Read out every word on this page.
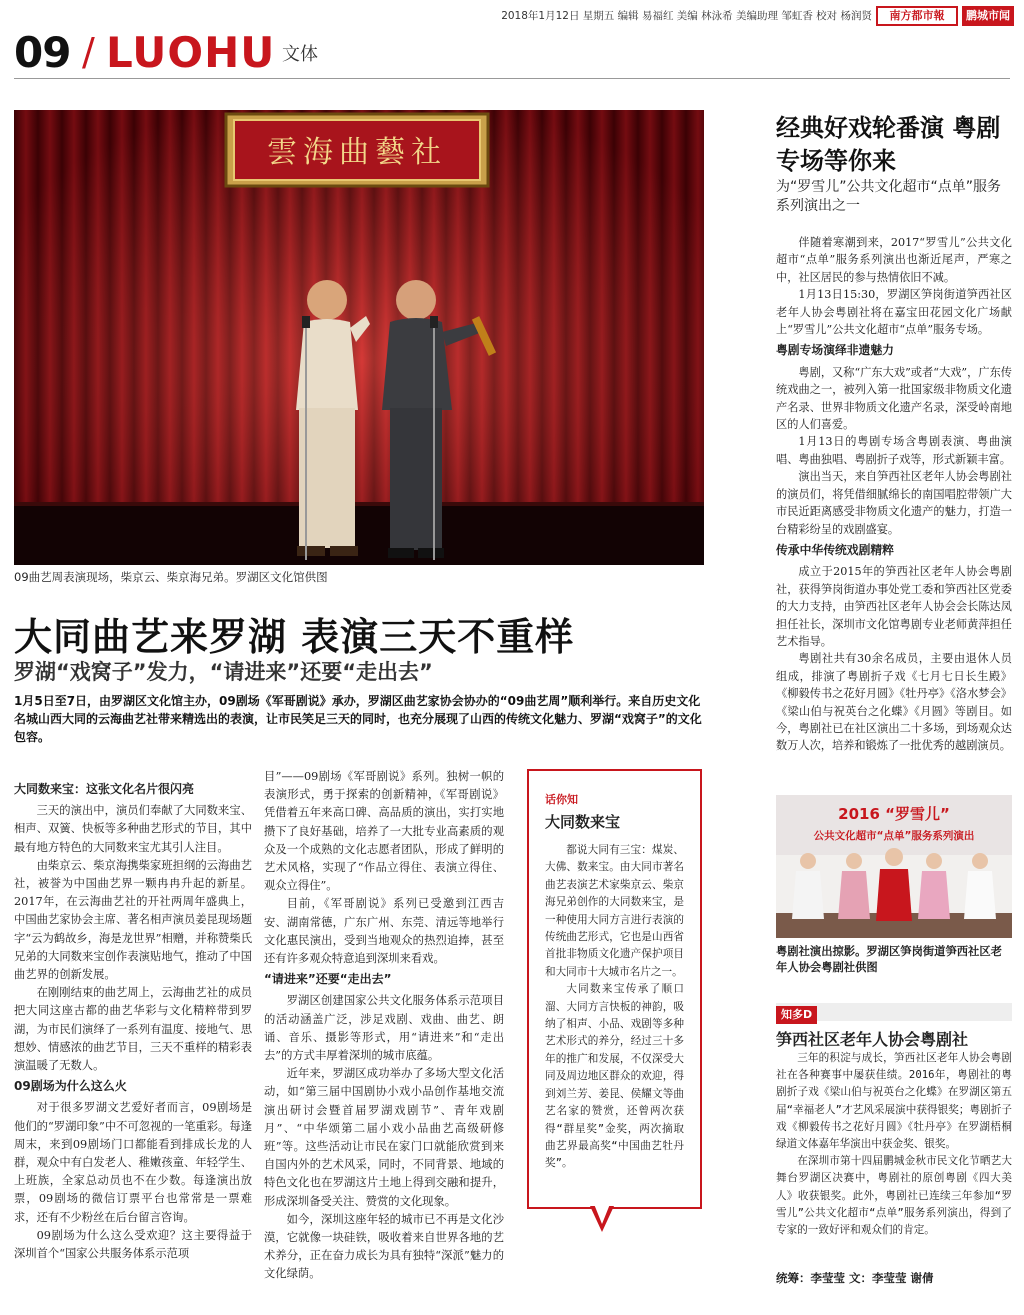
2018年1月12日 星期五 编辑 易福红 美编 林泳希 美编助理 邹虹香 校对 杨润贤	南方都市報	鹏城市闻
09 / LUOHU 文体
雲海曲藝社
09曲艺周表演现场，柴京云、柴京海兄弟。罗湖区文化馆供图
大同曲艺来罗湖 表演三天不重样
罗湖“戏窝子”发力，“请进来”还要“走出去”
1月5日至7日，由罗湖区文化馆主办，09剧场《军哥剧说》承办，罗湖区曲艺家协会协办的“09曲艺周”顺利举行。来自历史文化名城山西大同的云海曲艺社带来精选出的表演，让市民笑足三天的同时，也充分展现了山西的传统文化魅力、罗湖“戏窝子”的文化包容。
大同数来宝：这张文化名片很闪亮

三天的演出中，演员们奉献了大同数来宝、相声、双簧、快板等多种曲艺形式的节目，其中最有地方特色的大同数来宝尤其引人注目。

由柴京云、柴京海携柴家班担纲的云海曲艺社，被誉为中国曲艺界一颗冉冉升起的新星。2017年，在云海曲艺社的开社两周年盛典上，中国曲艺家协会主席、著名相声演员姜昆现场题字“云为鹤故乡，海是龙世界”相赠，并称赞柴氏兄弟的大同数来宝创作表演贴地气，推动了中国曲艺界的创新发展。

在刚刚结束的曲艺周上，云海曲艺社的成员把大同这座古都的曲艺华彩与文化精粹带到罗湖，为市民们演绎了一系列有温度、接地气、思想妙、情感浓的曲艺节目，三天不重样的精彩表演温暖了无数人。

09剧场为什么这么火

对于很多罗湖文艺爱好者而言，09剧场是他们的“罗湖印象”中不可忽视的一笔重彩。每逢周末，来到09剧场门口都能看到排成长龙的人群，观众中有白发老人、稚嫩孩童、年轻学生、上班族，全家总动员也不在少数。每逢演出放票，09剧场的微信订票平台也常常是一票难求，还有不少粉丝在后台留言咨询。

09剧场为什么这么受欢迎？这主要得益于深圳首个“国家公共服务体系示范项

目”——09剧场《军哥剧说》系列。独树一帜的表演形式，勇于探索的创新精神，《军哥剧说》凭借着五年来高口碑、高品质的演出，实打实地攒下了良好基础，培养了一大批专业高素质的观众及一个成熟的文化志愿者团队，形成了鲜明的艺术风格，实现了“作品立得住、表演立得住、观众立得住”。

目前，《军哥剧说》系列已受邀到江西吉安、湖南常德，广东广州、东莞、清远等地举行文化惠民演出，受到当地观众的热烈追捧，甚至还有许多观众特意追到深圳来看戏。

“请进来”还要“走出去”

罗湖区创建国家公共文化服务体系示范项目的活动涵盖广泛，涉足戏剧、戏曲、曲艺、朗诵、音乐、摄影等形式，用“请进来”和“走出去”的方式丰厚着深圳的城市底蕴。

近年来，罗湖区成功举办了多场大型文化活动，如“第三届中国剧协小戏小品创作基地交流演出研讨会暨首届罗湖戏剧节”、青年戏剧月”、“中华颂第二届小戏小品曲艺高级研修班”等。这些活动让市民在家门口就能欣赏到来自国内外的艺术风采，同时，不同背景、地域的特色文化也在罗湖这片土地上得到交融和提升，形成深圳备受关注、赞赏的文化现象。

如今，深圳这座年轻的城市已不再是文化沙漠，它就像一块硅铁，吸收着来自世界各地的艺术养分，正在奋力成长为具有独特“深派”魅力的文化绿荫。

话你知
大同数来宝

都说大同有三宝：煤炭、大佛、数来宝。由大同市著名曲艺表演艺术家柴京云、柴京海兄弟创作的大同数来宝，是一种使用大同方言进行表演的传统曲艺形式，它也是山西省首批非物质文化遗产保护项目和大同市十大城市名片之一。

大同数来宝传承了顺口溜、大同方言快板的神韵，吸纳了相声、小品、戏剧等多种艺术形式的养分，经过三十多年的推广和发展，不仅深受大同及周边地区群众的欢迎，得到刘兰芳、姜昆、侯耀文等曲艺名家的赞赏，还曾两次获得“群星奖”金奖，两次摘取曲艺界最高奖“中国曲艺牡丹奖”。

经典好戏轮番演 粤剧专场等你来
为“罗雪儿”公共文化超市“点单”服务系列演出之一

伴随着寒潮到来，2017“罗雪儿”公共文化超市“点单”服务系列演出也渐近尾声，严寒之中，社区居民的参与热情依旧不减。

1月13日15:30，罗湖区笋岗街道笋西社区老年人协会粤剧社将在嘉宝田花园文化广场献上“罗雪儿”公共文化超市“点单”服务专场。

粤剧专场演绎非遗魅力

粤剧，又称“广东大戏”或者“大戏”，广东传统戏曲之一，被列入第一批国家级非物质文化遗产名录、世界非物质文化遗产名录，深受岭南地区的人们喜爱。

1月13日的粤剧专场含粤剧表演、粤曲演唱、粤曲独唱、粤剧折子戏等，形式新颖丰富。

演出当天，来自笋西社区老年人协会粤剧社的演员们，将凭借细腻绵长的南国唱腔带领广大市民近距离感受非物质文化遗产的魅力，打造一台精彩纷呈的戏剧盛宴。

传承中华传统戏剧精粹

成立于2015年的笋西社区老年人协会粤剧社，获得笋岗街道办事处党工委和笋西社区党委的大力支持，由笋西社区老年人协会会长陈达凤担任社长，深圳市文化馆粤剧专业老师黄萍担任艺术指导。

粤剧社共有30余名成员，主要由退休人员组成，排演了粤剧折子戏《七月七日长生殿》《柳毅传书之花好月圆》《牡丹亭》《洛水梦会》《梁山伯与祝英台之化蝶》《月圆》等剧目。如今，粤剧社已在社区演出二十多场，到场观众达数万人次，培养和锻炼了一批优秀的越剧演员。

2016 “罗雪儿”
公共文化超市“点单”服务系列演出
粤剧社演出掠影。罗湖区笋岗街道笋西社区老年人协会粤剧社供图
知多D
笋西社区老年人协会粤剧社

三年的积淀与成长，笋西社区老年人协会粤剧社在各种赛事中屡获佳绩。2016年，粤剧社的粤剧折子戏《梁山伯与祝英台之化蝶》在罗湖区第五届“幸福老人”才艺风采展演中获得银奖；粤剧折子戏《柳毅传书之花好月圆》《牡丹亭》在罗湖梧桐绿道文体嘉年华演出中获金奖、银奖。

在深圳市第十四届鹏城金秋市民文化节晒艺大舞台罗湖区决赛中，粤剧社的原创粤剧《四大美人》收获银奖。此外，粤剧社已连续三年参加“罗雪儿”公共文化超市“点单”服务系列演出，得到了专家的一致好评和观众们的肯定。

统筹：李莹莹 文：李莹莹 谢倩
